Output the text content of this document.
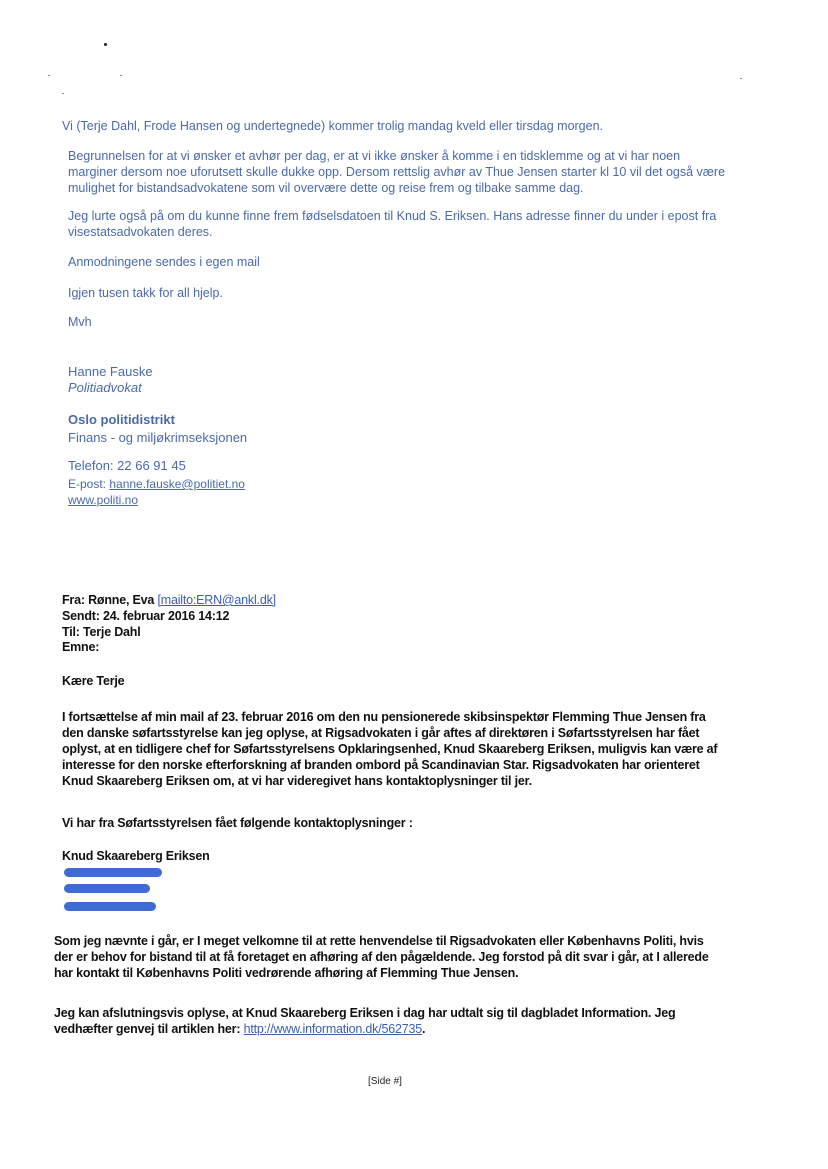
Vi (Terje Dahl, Frode Hansen og undertegnede) kommer trolig mandag kveld eller tirsdag morgen.

Begrunnelsen for at vi ønsker et avhør per dag, er at vi ikke ønsker å komme i en tidsklemme og at vi har noen marginer dersom noe uforutsett skulle dukke opp. Dersom rettslig avhør av Thue Jensen starter kl 10 vil det også være mulighet for bistandsadvokatene som vil overvære dette og reise frem og tilbake samme dag.

Jeg lurte også på om du kunne finne frem fødselsdatoen til Knud S. Eriksen. Hans adresse finner du under i epost fra visestatsadvokaten deres.

Anmodningene sendes i egen mail

Igjen tusen takk for all hjelp.

Mvh

Hanne Fauske

Politiadvokat

Oslo politidistrikt

Finans - og miljøkrimseksjonen

Telefon: 22 66 91 45

E-post: hanne.fauske@politiet.no

www.politi.no

Fra: Rønne, Eva [mailto:ERN@ankl.dk]

Sendt: 24. februar 2016 14:12

Til: Terje Dahl

Emne:

Kære Terje

I fortsættelse af min mail af 23. februar 2016 om den nu pensionerede skibsinspektør Flemming Thue Jensen fra den danske søfartsstyrelse kan jeg oplyse, at Rigsadvokaten i går aftes af direktøren i Søfartsstyrelsen har fået oplyst, at en tidligere chef for Søfartsstyrelsens Opklaringsenhed, Knud Skaareberg Eriksen, muligvis kan være af interesse for den norske efterforskning af branden ombord på Scandinavian Star. Rigsadvokaten har orienteret Knud Skaareberg Eriksen om, at vi har videregivet hans kontaktoplysninger til jer.

Vi har fra Søfartsstyrelsen fået følgende kontaktoplysninger :

Knud Skaareberg Eriksen

Som jeg nævnte i går, er I meget velkomne til at rette henvendelse til Rigsadvokaten eller Københavns Politi, hvis der er behov for bistand til at få foretaget en afhøring af den pågældende. Jeg forstod på dit svar i går, at I allerede har kontakt til Københavns Politi vedrørende afhøring af Flemming Thue Jensen.

Jeg kan afslutningsvis oplyse, at Knud Skaareberg Eriksen i dag har udtalt sig til dagbladet Information. Jeg vedhæfter genvej til artiklen her: http://www.information.dk/562735.

[Side #]
